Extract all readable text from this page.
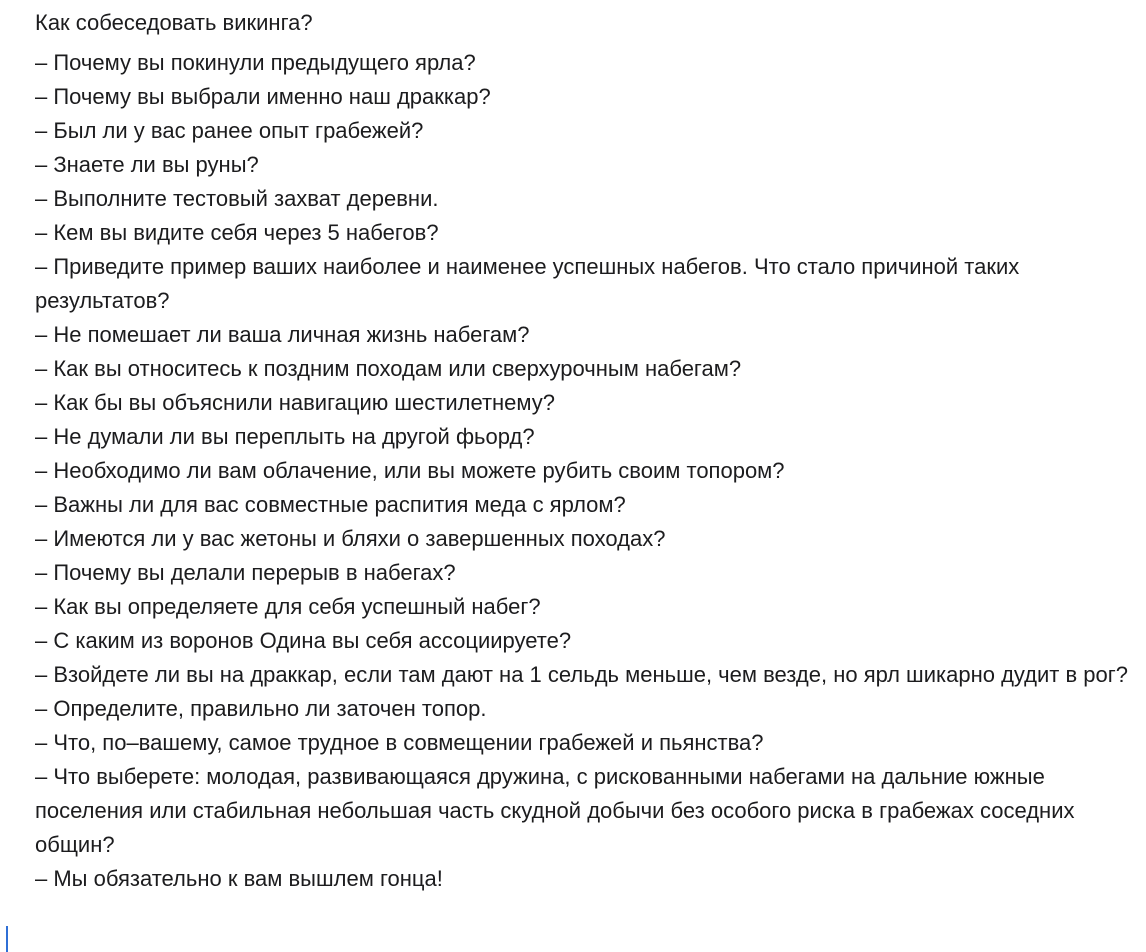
Как собеседовать викинга?

– Почему вы покинули предыдущего ярла?
– Почему вы выбрали именно наш драккар?
– Был ли у вас ранее опыт грабежей?
– Знаете ли вы руны?
– Выполните тестовый захват деревни.
– Кем вы видите себя через 5 набегов?
– Приведите пример ваших наиболее и наименее успешных набегов. Что стало причиной таких результатов?
– Не помешает ли ваша личная жизнь набегам?
– Как вы относитесь к поздним походам или сверхурочным набегам?
– Как бы вы объяснили навигацию шестилетнему?
– Не думали ли вы переплыть на другой фьорд?
– Необходимо ли вам облачение, или вы можете рубить своим топором?
– Важны ли для вас совместные распития меда с ярлом?
– Имеются ли у вас жетоны и бляхи о завершенных походах?
– Почему вы делали перерыв в набегах?
– Как вы определяете для себя успешный набег?
– С каким из воронов Одина вы себя ассоциируете?
– Взойдете ли вы на драккар, если там дают на 1 сельдь меньше, чем везде, но ярл шикарно дудит в рог?
– Определите, правильно ли заточен топор.
– Что, по–вашему, самое трудное в совмещении грабежей и пьянства?
– Что выберете: молодая, развивающаяся дружина, с рискованными набегами на дальние южные поселения или стабильная небольшая часть скудной добычи без особого риска в грабежах соседних общин?
– Мы обязательно к вам вышлем гонца!
